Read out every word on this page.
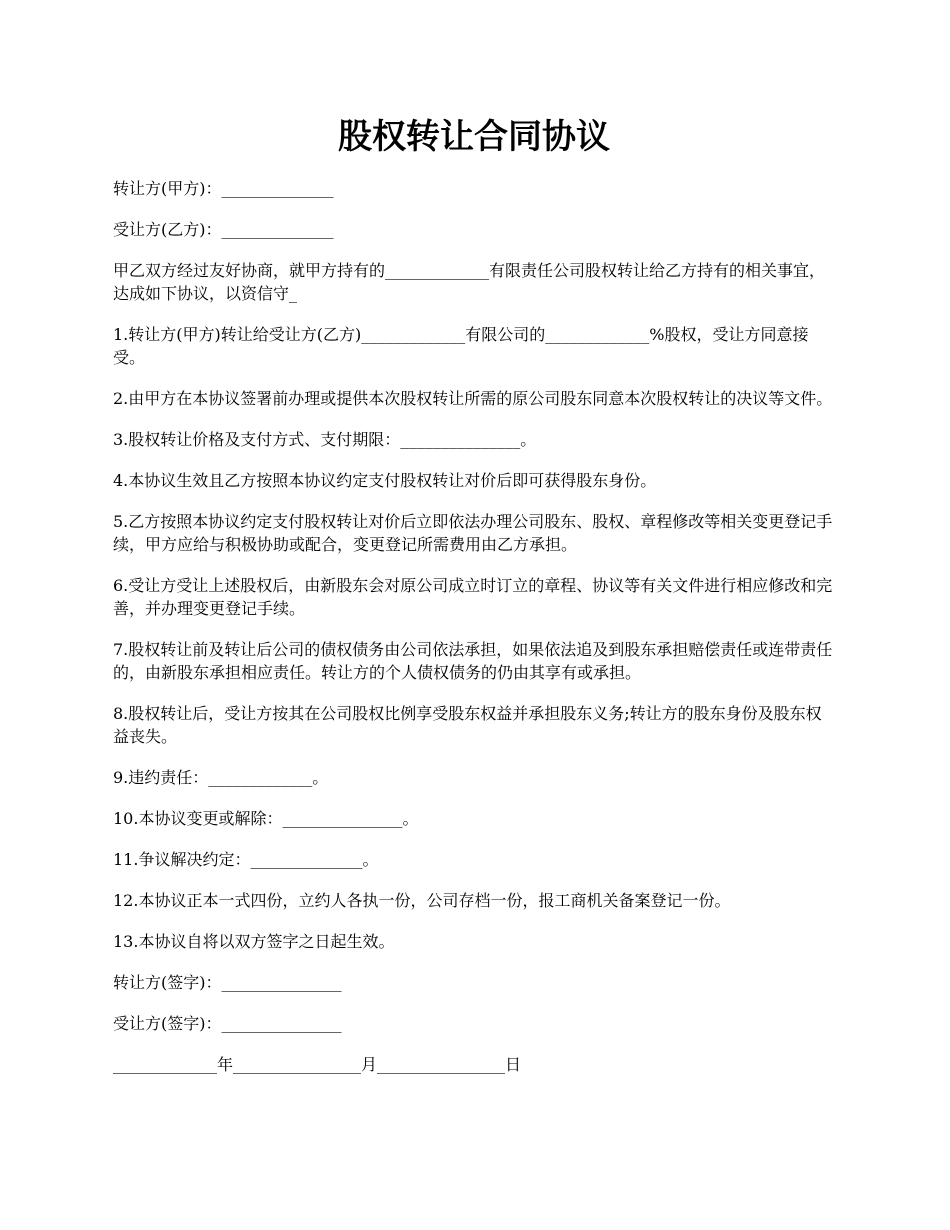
股权转让合同协议

转让方(甲方)：______________

受让方(乙方)：______________

甲乙双方经过友好协商，就甲方持有的_____________有限责任公司股权转让给乙方持有的相关事宜，达成如下协议，以资信守_

1.转让方(甲方)转让给受让方(乙方)_____________有限公司的_____________%股权，受让方同意接受。

2.由甲方在本协议签署前办理或提供本次股权转让所需的原公司股东同意本次股权转让的决议等文件。

3.股权转让价格及支付方式、支付期限：_______________。

4.本协议生效且乙方按照本协议约定支付股权转让对价后即可获得股东身份。

5.乙方按照本协议约定支付股权转让对价后立即依法办理公司股东、股权、章程修改等相关变更登记手续，甲方应给与积极协助或配合，变更登记所需费用由乙方承担。

6.受让方受让上述股权后，由新股东会对原公司成立时订立的章程、协议等有关文件进行相应修改和完善，并办理变更登记手续。

7.股权转让前及转让后公司的债权债务由公司依法承担，如果依法追及到股东承担赔偿责任或连带责任的，由新股东承担相应责任。转让方的个人债权债务的仍由其享有或承担。

8.股权转让后，受让方按其在公司股权比例享受股东权益并承担股东义务;转让方的股东身份及股东权益丧失。

9.违约责任：_____________。

10.本协议变更或解除：_______________。

11.争议解决约定：______________。

12.本协议正本一式四份，立约人各执一份，公司存档一份，报工商机关备案登记一份。

13.本协议自将以双方签字之日起生效。

转让方(签字)：_______________

受让方(签字)：_______________

_____________年________________月________________日
